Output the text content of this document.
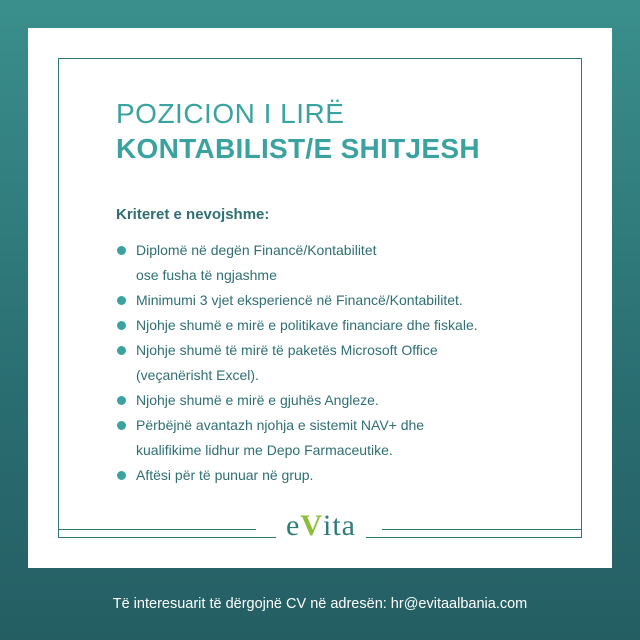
POZICION I LIRË
KONTABILIST/E SHITJESH
Kriteret e nevojshme:
Diplomë në degën Financë/Kontabilitet
ose fusha të ngjashme
Minimumi 3 vjet eksperiencë në Financë/Kontabilitet.
Njohje shumë e mirë e politikave financiare dhe fiskale.
Njohje shumë të mirë të paketës Microsoft Office
(veçanërisht Excel).
Njohje shumë e mirë e gjuhës Angleze.
Përbëjnë avantazh njohja e sistemit NAV+ dhe
kualifikime lidhur me Depo Farmaceutike.
Aftësi për të punuar në grup.
eVita
Të interesuarit të dërgojnë CV në adresën: hr@evitaalbania.com
